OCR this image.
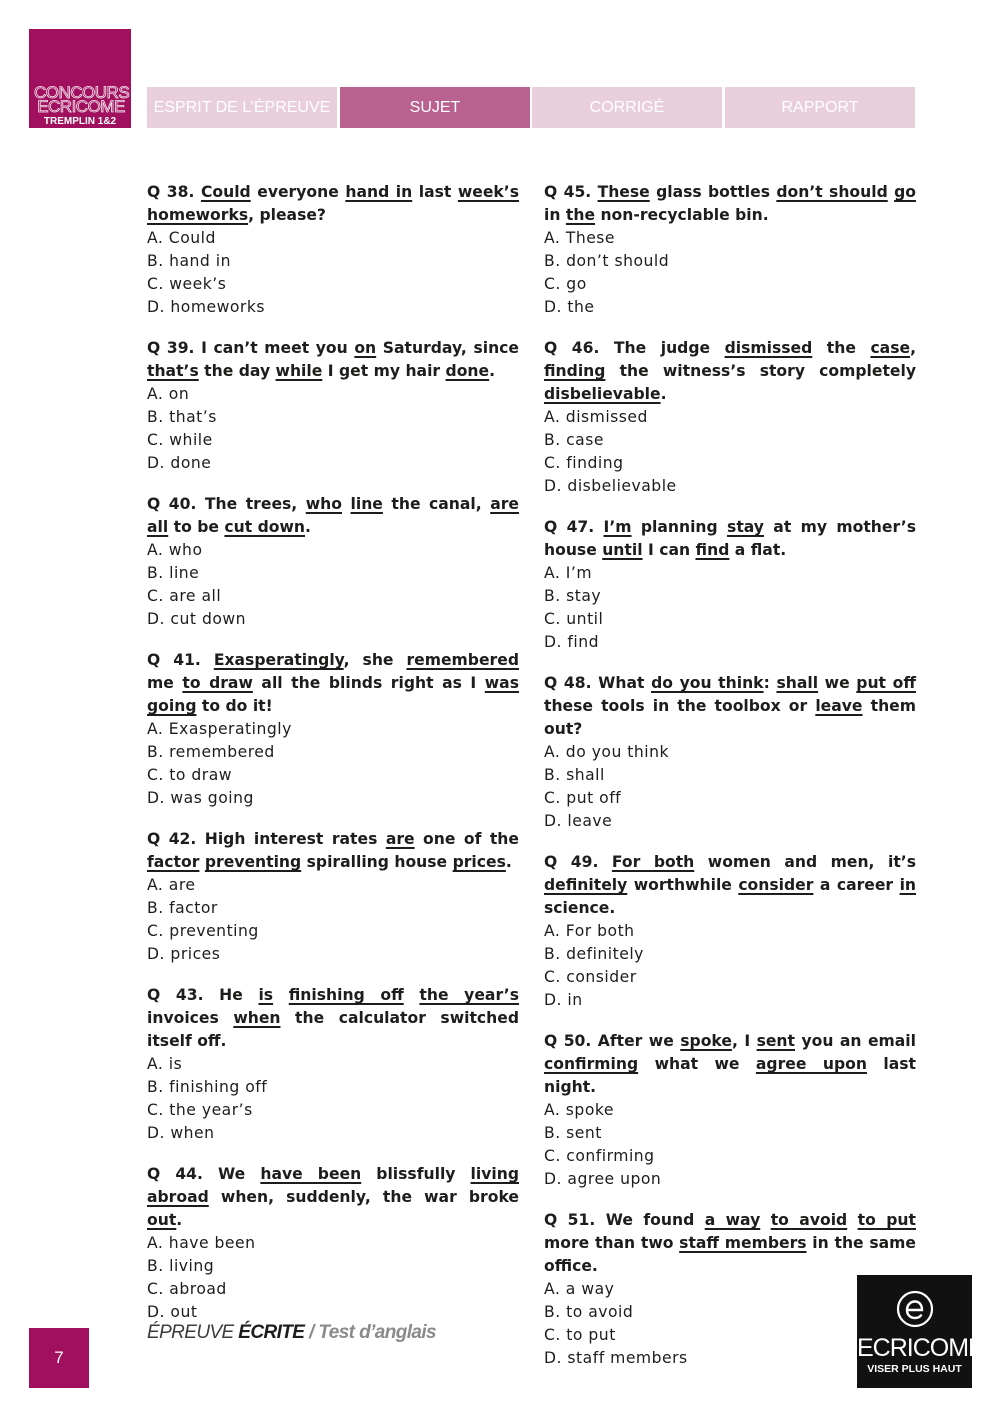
CONCOURS
ECRICOME
TREMPLIN 1&2
ESPRIT DE L’ÉPREUVE	SUJET	CORRIGÉ	RAPPORT
Q 38. Could everyone hand in last week’s homeworks, please?
A. Could
B. hand in
C. week’s
D. homeworks
Q 39. I can’t meet you on Saturday, since that’s the day while I get my hair done.
A. on
B. that’s
C. while
D. done
Q 40. The trees, who line the canal, are all to be cut down.
A. who
B. line
C. are all
D. cut down
Q 41. Exasperatingly, she remembered me to draw all the blinds right as I was going to do it!
A. Exasperatingly
B. remembered
C. to draw
D. was going
Q 42. High interest rates are one of the factor preventing spiralling house prices.
A. are
B. factor
C. preventing
D. prices
Q 43. He is finishing off the year’s invoices when the calculator switched itself off.
A. is
B. finishing off
C. the year’s
D. when
Q 44. We have been blissfully living abroad when, suddenly, the war broke out.
A. have been
B. living
C. abroad
D. out
Q 45. These glass bottles don’t should go in the non-recyclable bin.
A. These
B. don’t should
C. go
D. the
Q 46. The judge dismissed the case, finding the witness’s story completely disbelievable.
A. dismissed
B. case
C. finding
D. disbelievable
Q 47. I’m planning stay at my mother’s house until I can find a flat.
A. I’m
B. stay
C. until
D. find
Q 48. What do you think: shall we put off these tools in the toolbox or leave them out?
A. do you think
B. shall
C. put off
D. leave
Q 49. For both women and men, it’s definitely worthwhile consider a career in science.
A. For both
B. definitely
C. consider
D. in
Q 50. After we spoke, I sent you an email confirming what we agree upon last night.
A. spoke
B. sent
C. confirming
D. agree upon
Q 51. We found a way to avoid to put more than two staff members in the same office.
A. a way
B. to avoid
C. to put
D. staff members
7
ÉPREUVE ÉCRITE / Test d’anglais
ECRICOME
VISER PLUS HAUT
